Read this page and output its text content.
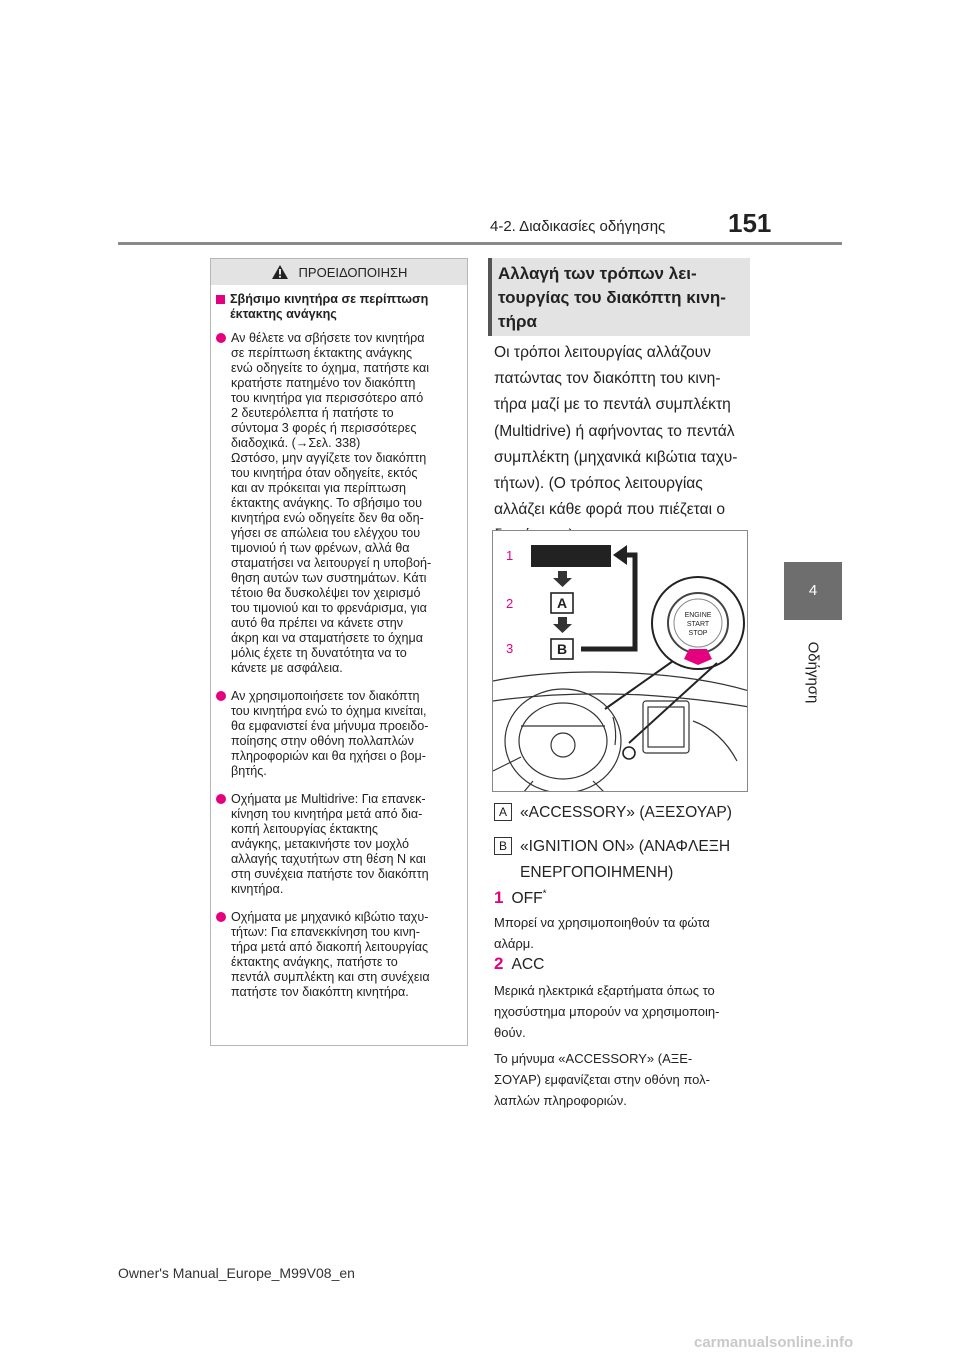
4-2. Διαδικασίες οδήγησης 151
4
Οδήγηση
ΠΡΟΕΙΔΟΠΟΙΗΣΗ

Σβήσιμο κινητήρα σε περίπτωση
έκτακτης ανάγκης

Αν θέλετε να σβήσετε τον κινητήρα
σε περίπτωση έκτακτης ανάγκης
ενώ οδηγείτε το όχημα, πατήστε και
κρατήστε πατημένο τον διακόπτη
του κινητήρα για περισσότερο από
2 δευτερόλεπτα ή πατήστε το
σύντομα 3 φορές ή περισσότερες
διαδοχικά. (→Σελ. 338)
Ωστόσο, μην αγγίζετε τον διακόπτη
του κινητήρα όταν οδηγείτε, εκτός
και αν πρόκειται για περίπτωση
έκτακτης ανάγκης. Το σβήσιμο του
κινητήρα ενώ οδηγείτε δεν θα οδη-
γήσει σε απώλεια του ελέγχου του
τιμονιού ή των φρένων, αλλά θα
σταματήσει να λειτουργεί η υποβοή-
θηση αυτών των συστημάτων. Κάτι
τέτοιο θα δυσκολέψει τον χειρισμό
του τιμονιού και το φρενάρισμα, για
αυτό θα πρέπει να κάνετε στην
άκρη και να σταματήσετε το όχημα
μόλις έχετε τη δυνατότητα να το
κάνετε με ασφάλεια.

Αν χρησιμοποιήσετε τον διακόπτη
του κινητήρα ενώ το όχημα κινείται,
θα εμφανιστεί ένα μήνυμα προειδο-
ποίησης στην οθόνη πολλαπλών
πληροφοριών και θα ηχήσει ο βομ-
βητής.

Οχήματα με Multidrive: Για επανεκ-
κίνηση του κινητήρα μετά από δια-
κοπή λειτουργίας έκτακτης
ανάγκης, μετακινήστε τον μοχλό
αλλαγής ταχυτήτων στη θέση N και
στη συνέχεια πατήστε τον διακόπτη
κινητήρα.

Οχήματα με μηχανικό κιβώτιο ταχυ-
τήτων: Για επανεκκίνηση του κινη-
τήρα μετά από διακοπή λειτουργίας
έκτακτης ανάγκης, πατήστε το
πεντάλ συμπλέκτη και στη συνέχεια
πατήστε τον διακόπτη κινητήρα.

Αλλαγή των τρόπων λει-
τουργίας του διακόπτη κινη-
τήρα
Οι τρόποι λειτουργίας αλλάζουν
πατώντας τον διακόπτη του κινη-
τήρα μαζί με το πεντάλ συμπλέκτη
(Multidrive) ή αφήνοντας το πεντάλ
συμπλέκτη (μηχανικά κιβώτια ταχυ-
τήτων). (Ο τρόπος λειτουργίας
αλλάζει κάθε φορά που πιέζεται ο

1
2
3
A
B
ENGINE
START
STOP
A «ACCESSORY» (ΑΞΕΣΟΥΑΡ)
B «IGNITION ON» (ΑΝΑΦΛΕΞΗ
ΕΝΕΡΓΟΠΟΙΗΜΕΝΗ)
1 OFF*
Μπορεί να χρησιμοποιηθούν τα φώτα
αλάρμ.
2 ACC
Μερικά ηλεκτρικά εξαρτήματα όπως το
ηχοσύστημα μπορούν να χρησιμοποιη-
θούν.
Το μήνυμα «ACCESSORY» (ΑΞΕ-
ΣΟΥΑΡ) εμφανίζεται στην οθόνη πολ-
λαπλών πληροφοριών.
Owner's Manual_Europe_M99V08_en
carmanualsonline.info
